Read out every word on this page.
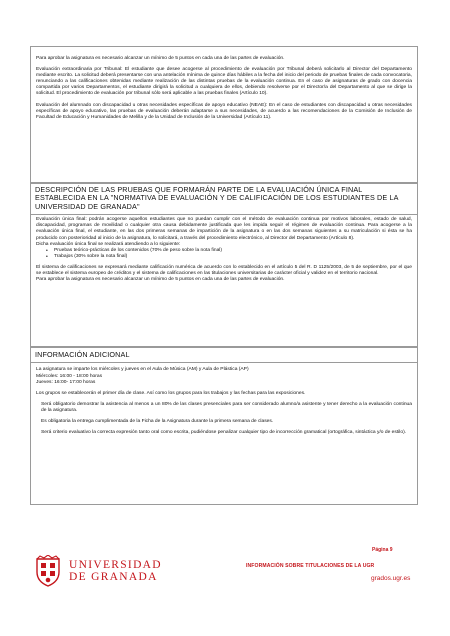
Para aprobar la asignatura es necesario alcanzar un mínimo de 5 puntos en cada una de las partes de evaluación.

Evaluación extraordinaria por Tribunal: El estudiante que desee acogerse al procedimiento de evaluación por Tribunal deberá solicitarlo al Director del Departamento mediante escrito. La solicitud deberá presentarse con una antelación mínima de quince días hábiles a la fecha del inicio del periodo de pruebas finales de cada convocatoria, renunciando a las calificaciones obtenidas mediante realización de las distintas pruebas de la evaluación continua. En el caso de asignaturas de grado con docencia compartida por varios Departamentos, el estudiante dirigirá la solicitud a cualquiera de ellos, debiendo resolverse por el Director/a del Departamento al que se dirige la solicitud. El procedimiento de evaluación por tribunal sólo será aplicable a las pruebas finales (Artículo 10).

Evaluación del alumnado con discapacidad u otras necesidades específicas de apoyo educativo (NEAE): En el caso de estudiantes con discapacidad u otras necesidades específicas de apoyo educativo, las pruebas de evaluación deberán adaptarse a sus necesidades, de acuerdo a las recomendaciones de la Comisión de Inclusión de Facultad de Educación y Humanidades de Melilla y de la Unidad de Inclusión de la Universidad (Artículo 11).

DESCRIPCIÓN DE LAS PRUEBAS QUE FORMARÁN PARTE DE LA EVALUACIÓN ÚNICA FINAL ESTABLECIDA EN LA "NORMATIVA DE EVALUACIÓN Y DE CALIFICACIÓN DE LOS ESTUDIANTES DE LA UNIVERSIDAD DE GRANADA"

Evaluación única final: podrán acogerse aquellos estudiantes que no puedan cumplir con el método de evaluación continua por motivos laborales, estado de salud, discapacidad, programas de movilidad o cualquier otra causa debidamente justificada que les impida seguir el régimen de evaluación continua. Para acogerse a la evaluación única final, el estudiante, en las dos primeras semanas de impartición de la asignatura o en las dos semanas siguientes a su matriculación si ésta se ha producido con posterioridad al inicio de la asignatura, lo solicitará, a través del procedimiento electrónico, al Director del Departamento (Artículo 8).

Dicha evaluación única final se realizará atendiendo a lo siguiente:

• Pruebas teórico-prácticas de los contenidos (70% de peso sobre la nota final)
• Trabajos (30% sobre la nota final)

El sistema de calificaciones se expresará mediante calificación numérica de acuerdo con lo establecido en el artículo 5 del R. D 1125/2003, de 5 de septiembre, por el que se establece el sistema europeo de créditos y el sistema de calificaciones en las titulaciones universitarias de carácter oficial y validez en el territorio nacional.

Para aprobar la asignatura es necesario alcanzar un mínimo de 5 puntos en cada una de las partes de evaluación.

INFORMACIÓN ADICIONAL

La asignatura se imparte los miércoles y jueves en el Aula de Música (AM) y Aula de Plástica (AP)

Miércoles: 16:00 - 18:00 horas

Jueves: 16:00- 17:00 horas

Los grupos se establecerán el primer día de clase. Así como los grupos para los trabajos y las fechas para las exposiciones.

Será obligatorio demostrar la asistencia al menos a un 80% de las clases presenciales para ser considerado alumno/a asistente y tener derecho a la evaluación continua de la asignatura.

Es obligatoria la entrega cumplimentada de la Ficha de la Asignatura durante la primera semana de clases.

Será criterio evaluativo la correcta expresión tanto oral como escrita, pudiéndose penalizar cualquier tipo de incorrección gramatical (ortográfica, sintáctica y/o de estilo).

UNIVERSIDAD
DE GRANADA
Página 9
INFORMACIÓN SOBRE TITULACIONES DE LA UGR
grados.ugr.es
